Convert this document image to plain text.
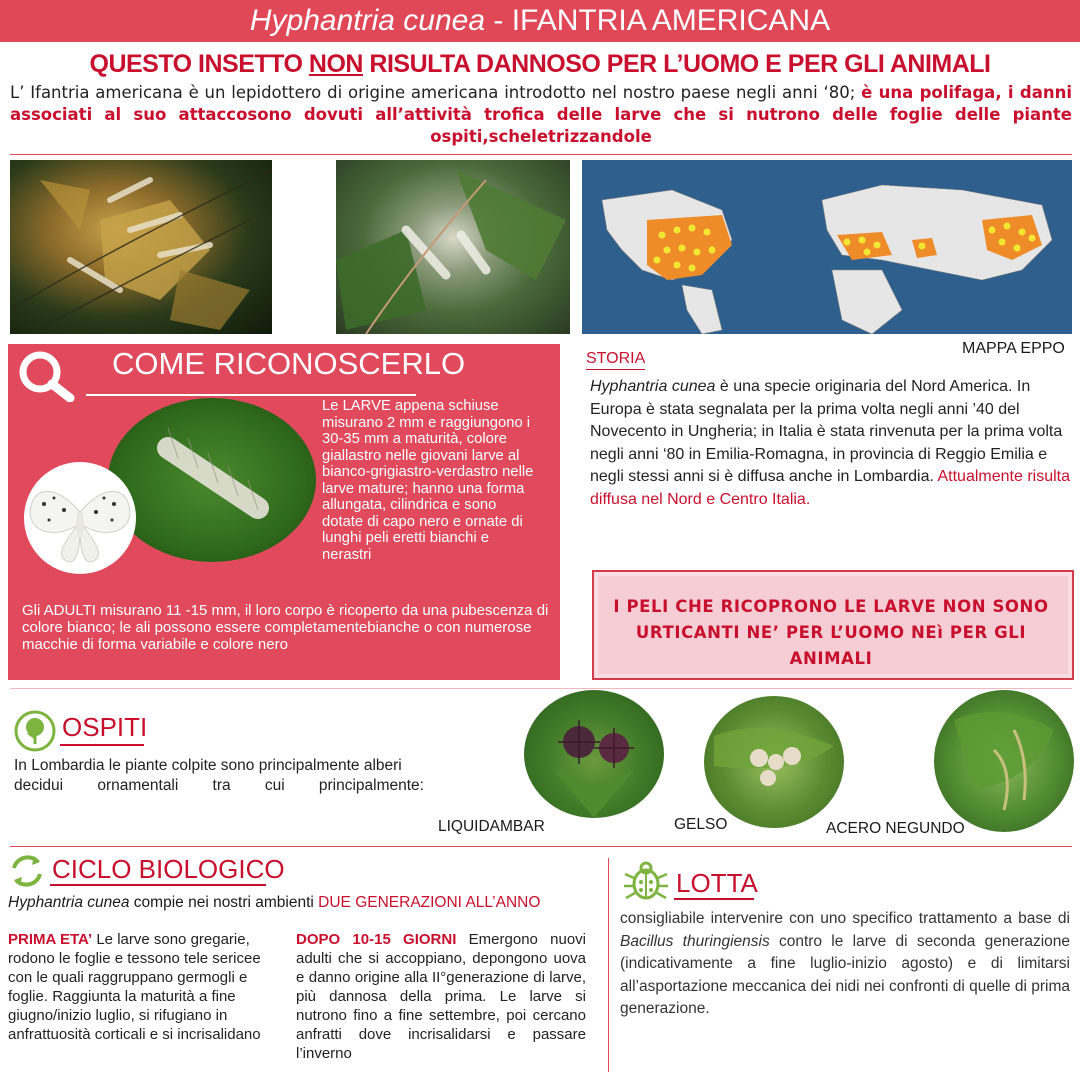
Hyphantria cunea - IFANTRIA AMERICANA
QUESTO INSETTO NON RISULTA DANNOSO PER L’UOMO E PER GLI ANIMALI
L’ Ifantria americana è un lepidottero di origine americana introdotto nel nostro paese negli anni ‘80; è una polifaga, i danni associati al suo attaccosono dovuti all’attività trofica delle larve che si nutrono delle foglie delle piante ospiti,scheletrizzandole
MAPPA EPPO
COME RICONOSCERLO
Le LARVE appena schiuse misurano 2 mm e raggiungono i 30-35 mm a maturità, colore giallastro nelle giovani larve al bianco-grigiastro-verdastro nelle larve mature; hanno una forma allungata, cilindrica e sono dotate di capo nero e ornate di lunghi peli eretti bianchi e nerastri
Gli ADULTI misurano 11 -15 mm, il loro corpo è ricoperto da una pubescenza di colore bianco; le ali possono essere completamentebianche o con numerose macchie di forma variabile e colore nero
STORIA
Hyphantria cunea è una specie originaria del Nord America. In Europa è stata segnalata per la prima volta negli anni ’40 del Novecento in Ungheria; in Italia è stata rinvenuta per la prima volta negli anni ‘80 in Emilia-Romagna, in provincia di Reggio Emilia e negli stessi anni si è diffusa anche in Lombardia. Attualmente risulta diffusa nel Nord e Centro Italia.
I PELI CHE RICOPRONO LE LARVE NON SONO URTICANTI NE’ PER L’UOMO NEì PER GLI ANIMALI
OSPITI
In Lombardia le piante colpite sono principalmente alberi
decidui ornamentali tra cui principalmente:
LIQUIDAMBAR	GELSO	ACERO NEGUNDO
CICLO BIOLOGICO
Hyphantria cunea compie nei nostri ambienti DUE GENERAZIONI ALL’ANNO
PRIMA ETA’ Le larve sono gregarie, rodono le foglie e tessono tele sericee con le quali raggruppano germogli e foglie. Raggiunta la maturità a fine giugno/inizio luglio, si rifugiano in anfrattuosità corticali e si incrisalidano
DOPO 10-15 GIORNI Emergono nuovi adulti che si accoppiano, depongono uova e danno origine alla II°generazione di larve, più dannosa della prima. Le larve si nutrono fino a fine settembre, poi cercano anfratti dove incrisalidarsi e passare l’inverno
LOTTA
consigliabile intervenire con uno specifico trattamento a base di Bacillus thuringiensis contro le larve di seconda generazione (indicativamente a fine luglio-inizio agosto) e di limitarsi all’asportazione meccanica dei nidi nei confronti di quelle di prima generazione.
